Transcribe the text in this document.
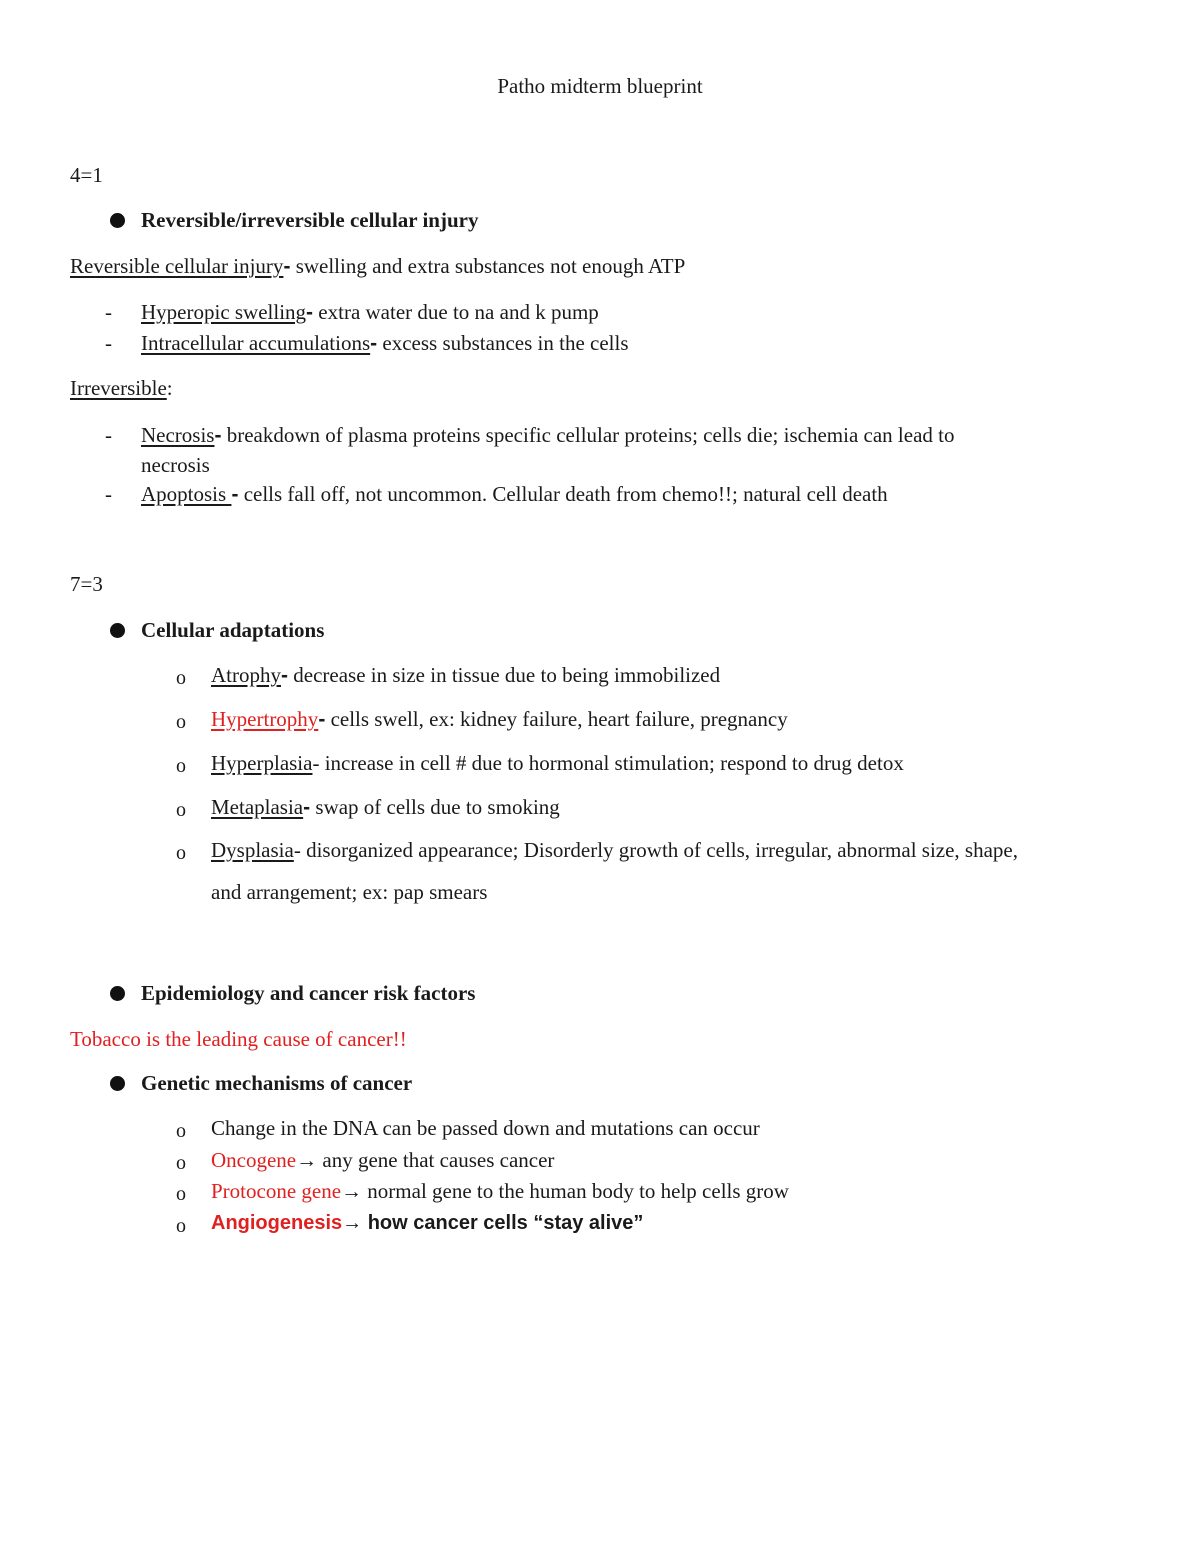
Patho midterm blueprint
4=1
Reversible/irreversible cellular injury
Reversible cellular injury- swelling and extra substances not enough ATP
- Hyperopic swelling- extra water due to na and k pump
- Intracellular accumulations- excess substances in the cells
Irreversible:
- Necrosis- breakdown of plasma proteins specific cellular proteins; cells die; ischemia can lead to
necrosis
- Apoptosis - cells fall off, not uncommon. Cellular death from chemo!!; natural cell death
7=3
Cellular adaptations
o Atrophy- decrease in size in tissue due to being immobilized
o Hypertrophy- cells swell, ex: kidney failure, heart failure, pregnancy
o Hyperplasia- increase in cell # due to hormonal stimulation; respond to drug detox
o Metaplasia- swap of cells due to smoking
o Dysplasia- disorganized appearance; Disorderly growth of cells, irregular, abnormal size, shape,
and arrangement; ex: pap smears
Epidemiology and cancer risk factors
Tobacco is the leading cause of cancer!!
Genetic mechanisms of cancer
o Change in the DNA can be passed down and mutations can occur
o Oncogene→ any gene that causes cancer
o Protocone gene→ normal gene to the human body to help cells grow
o Angiogenesis→ how cancer cells “stay alive”
